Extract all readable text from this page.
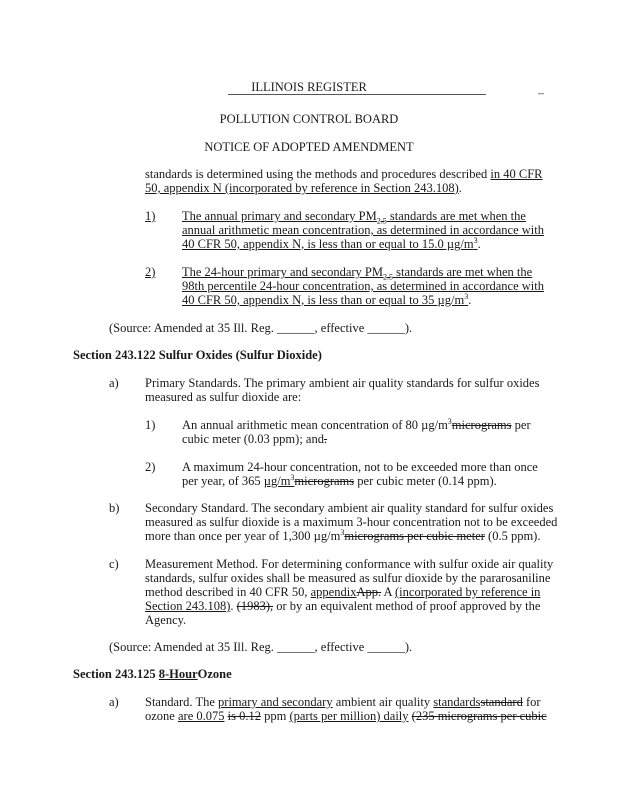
ILLINOIS REGISTER	--
POLLUTION CONTROL BOARD
NOTICE OF ADOPTED AMENDMENT
standards is determined using the methods and procedures described in 40 CFR
50, appendix N (incorporated by reference in Section 243.108).
1) The annual primary and secondary $PM_{2.5}$ standards are met when the
annual arithmetic mean concentration, as determined in accordance with
40 CFR 50, appendix N, is less than or equal to 15.0 $\mu g/m^3$.
2) The 24-hour primary and secondary $PM_{2.5}$ standards are met when the
98th percentile 24-hour concentration, as determined in accordance with
40 CFR 50, appendix N, is less than or equal to 35 $\mu g/m^3$.
(Source: Amended at 35 Ill. Reg. ______, effective ______).
Section 243.122 Sulfur Oxides (Sulfur Dioxide)
a) Primary Standards. The primary ambient air quality standards for sulfur oxides
measured as sulfur dioxide are:
1) An annual arithmetic mean concentration of 80 $\mu g/m^3micrograms$ per
cubic meter (0.03 ppm); and.
2) A maximum 24-hour concentration, not to be exceeded more than once
per year, of 365 $\mu g/m^3micrograms$ per cubic meter (0.14 ppm).
b) Secondary Standard. The secondary ambient air quality standard for sulfur oxides
measured as sulfur dioxide is a maximum 3-hour concentration not to be exceeded
more than once per year of 1,300 $\mu g/m^3micrograms$ per cubic meter (0.5 ppm).
c) Measurement Method. For determining conformance with sulfur oxide air quality
standards, sulfur oxides shall be measured as sulfur dioxide by the pararosaniline
method described in 40 CFR 50, appendixApp. A (incorporated by reference in
Section 243.108). (1983), or by an equivalent method of proof approved by the
Agency.
(Source: Amended at 35 Ill. Reg. ______, effective ______).
Section 243.125 8-HourOzone
a) Standard. The primary and secondary ambient air quality standardsstandard for
ozone are 0.075 is 0.12 ppm (parts per million) daily (235 micrograms per cubic
